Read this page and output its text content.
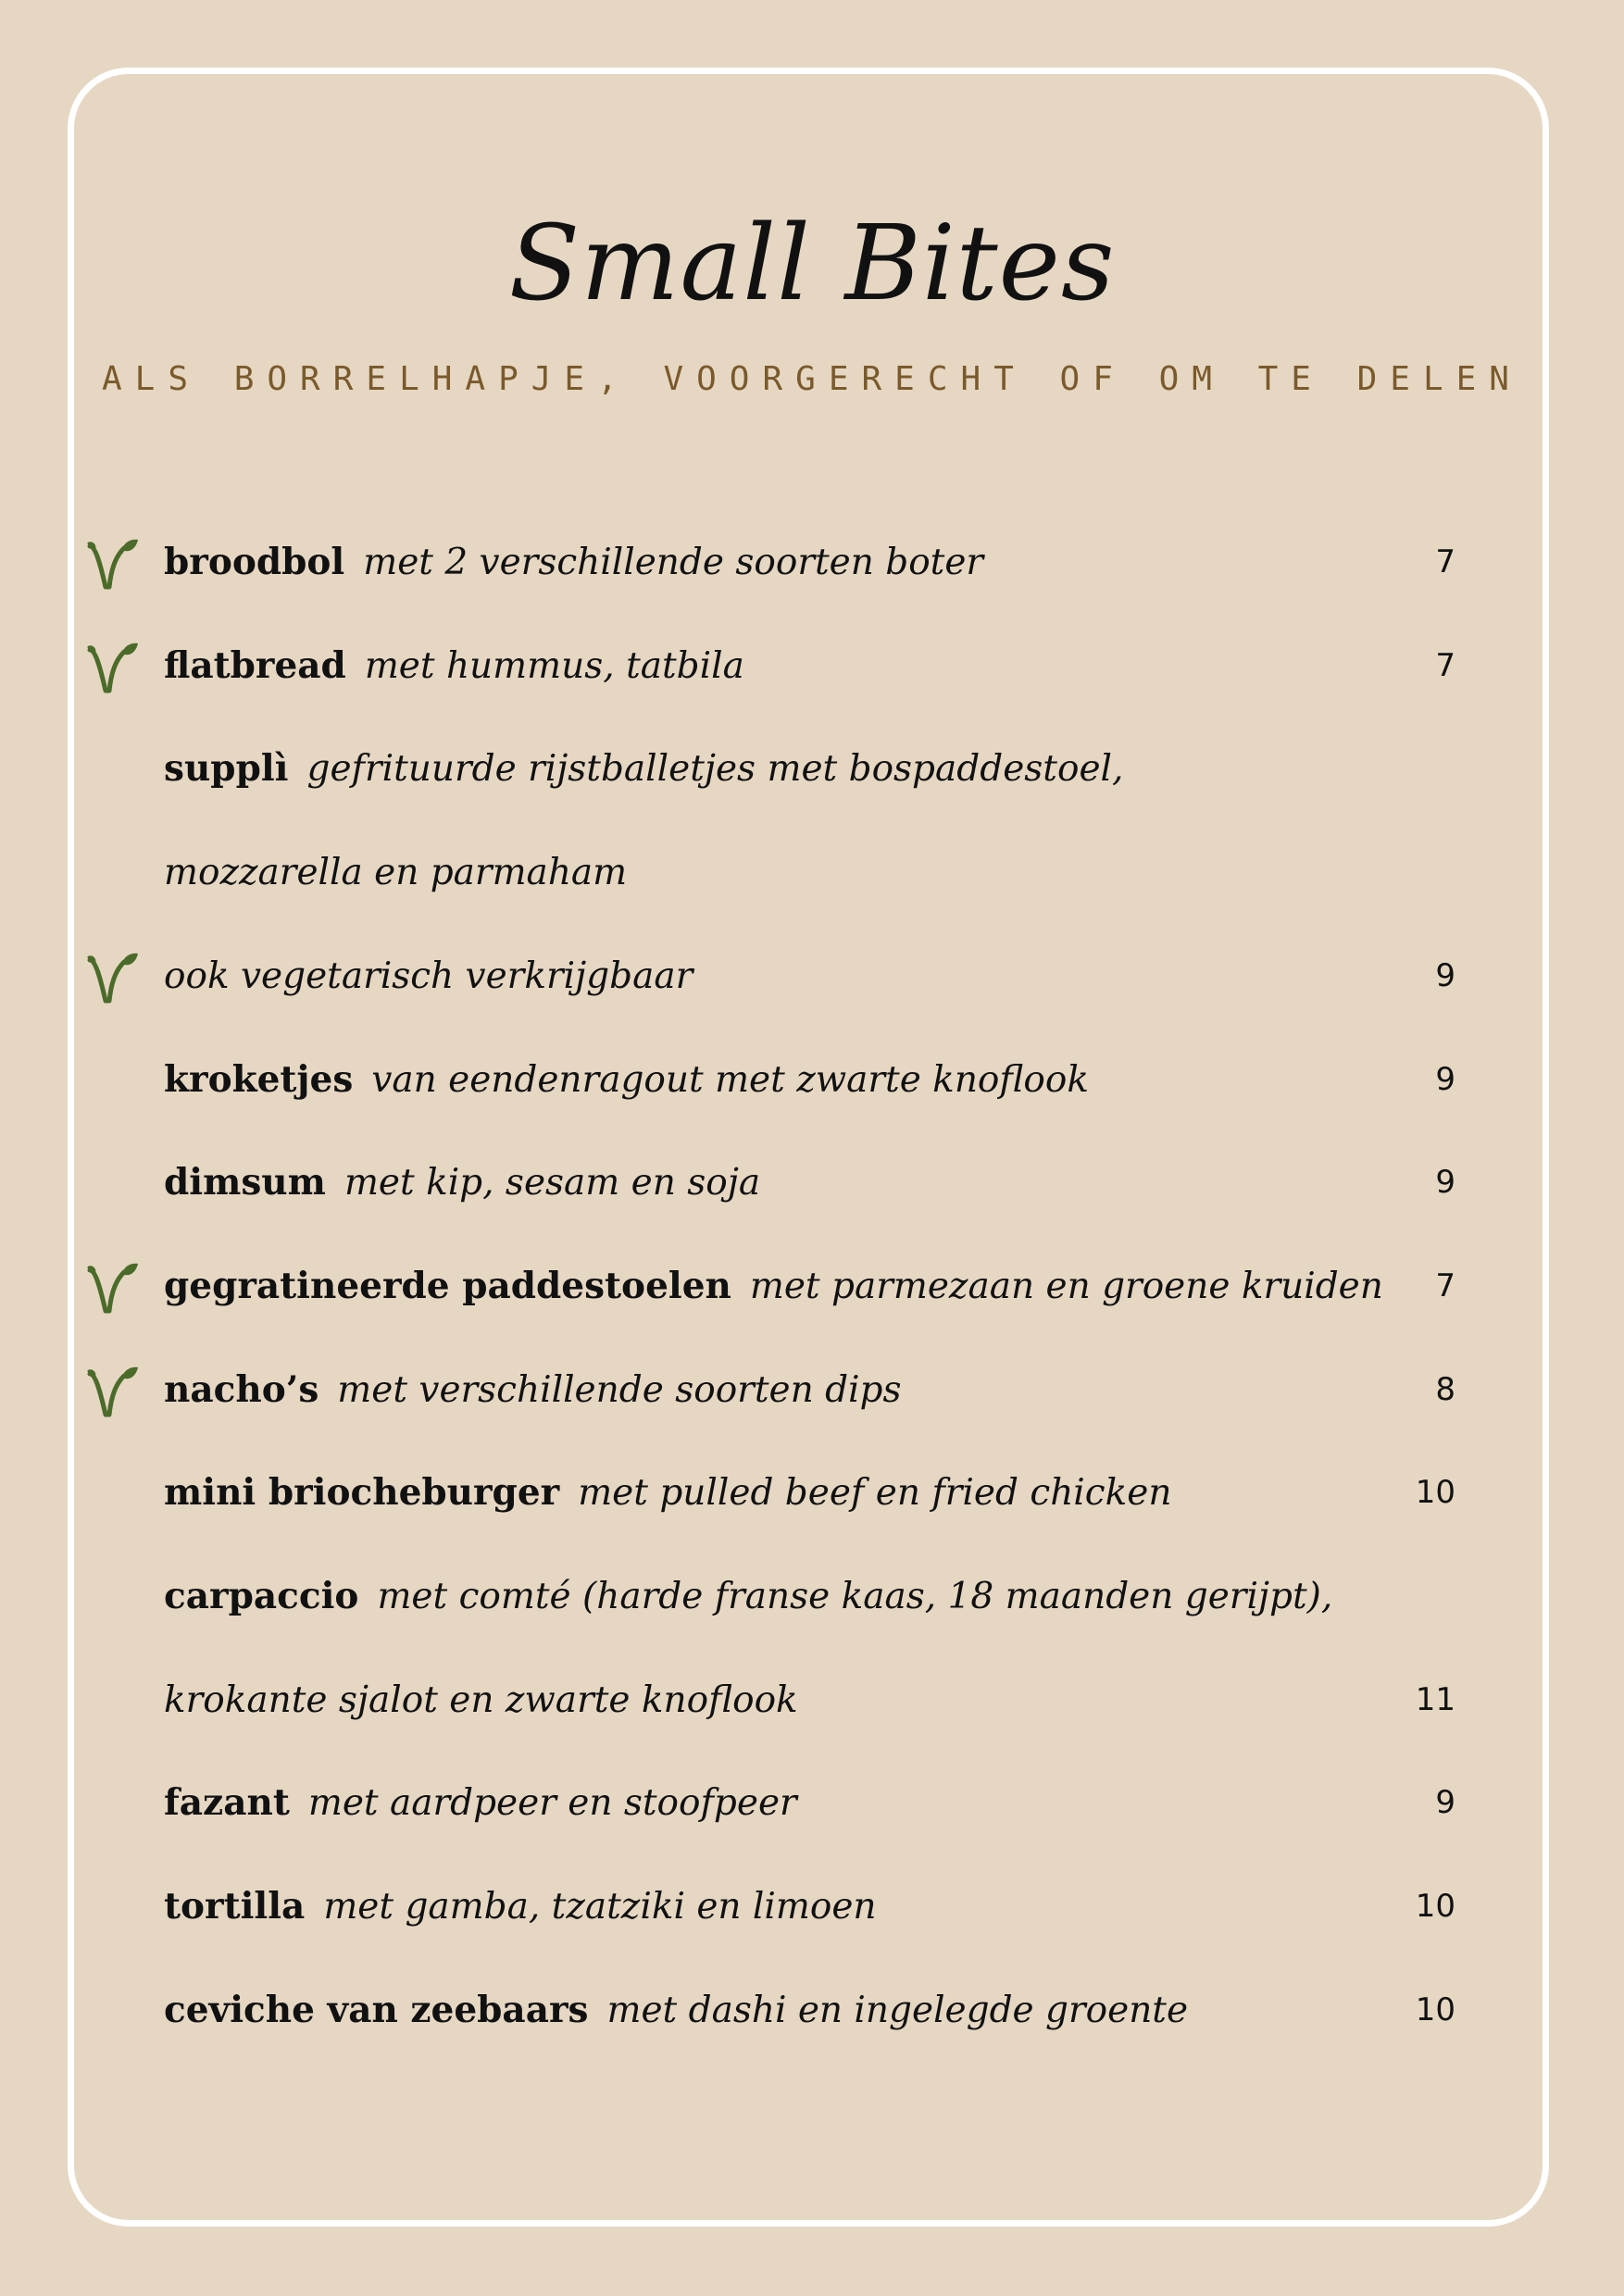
Small Bites
ALS BORRELHAPJE, VOORGERECHT OF OM TE DELEN
broodbol met 2 verschillende soorten boter	7
flatbread met hummus, tatbila	7
supplì gefrituurde rijstballetjes met bospaddestoel,
mozzarella en parmaham
ook vegetarisch verkrijgbaar	9
kroketjes van eendenragout met zwarte knoflook	9
dimsum met kip, sesam en soja	9
gegratineerde paddestoelen met parmezaan en groene kruiden 7
nacho’s met verschillende soorten dips	8
mini briocheburger met pulled beef en fried chicken	10
carpaccio met comté (harde franse kaas, 18 maanden gerijpt),
krokante sjalot en zwarte knoflook	11
fazant met aardpeer en stoofpeer	9
tortilla met gamba, tzatziki en limoen	10
ceviche van zeebaars met dashi en ingelegde groente	10
